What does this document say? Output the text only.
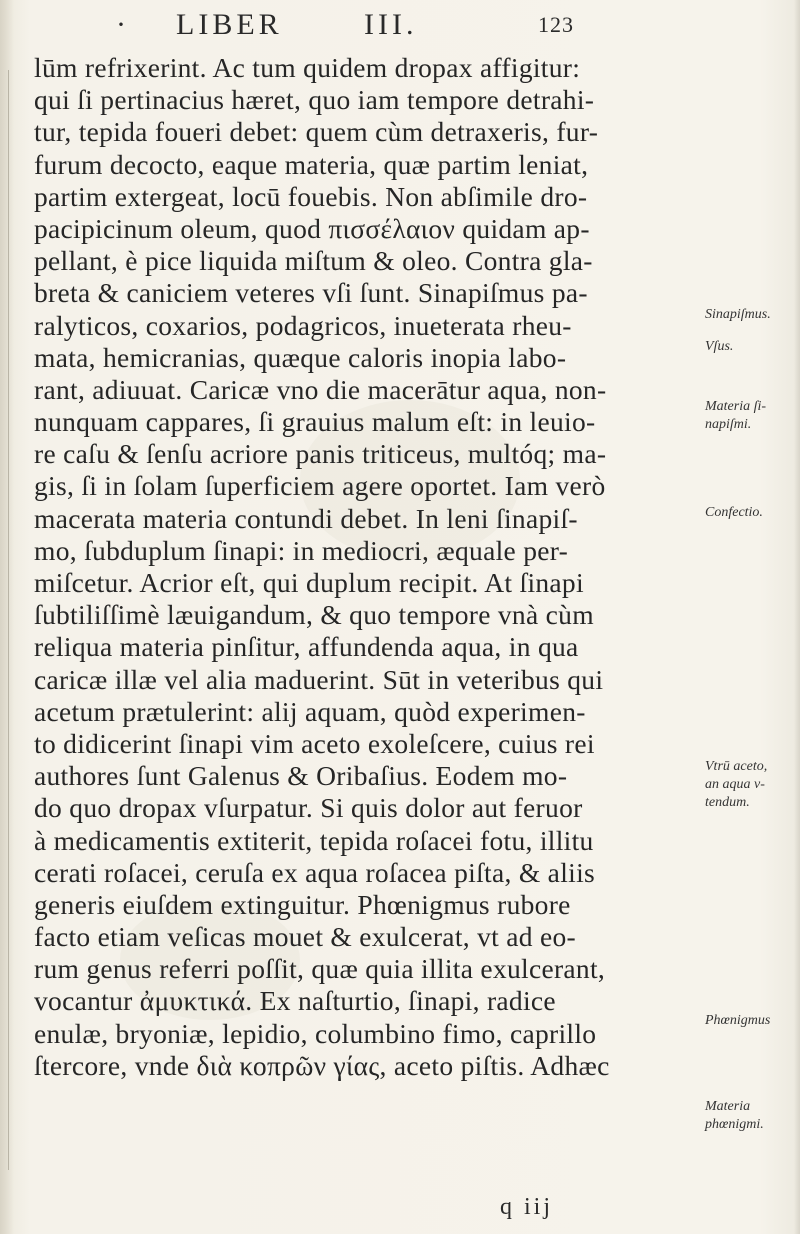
· LIBER	III.	123
lūm refrixerint. Ac tum quidem dropax affigitur:
qui ſi pertinacius hæret, quo iam tempore detrahi-
tur, tepida foueri debet: quem cùm detraxeris, fur-
furum decocto, eaque materia, quæ partim leniat,
partim extergeat, locū fouebis. Non abſimile dro-
pacipicinum oleum, quod πισσέλαιον quidam ap-
pellant, è pice liquida miſtum & oleo. Contra gla-
breta & caniciem veteres vſi ſunt. Sinapiſmus pa-
ralyticos, coxarios, podagricos, inueterata rheu-
mata, hemicranias, quæque caloris inopia labo-
rant, adiuuat. Caricæ vno die macerātur aqua, non-
nunquam cappares, ſi grauius malum eſt: in leuio-
re caſu & ſenſu acriore panis triticeus, multóq; ma-
gis, ſi in ſolam ſuperficiem agere oportet. Iam verò
macerata materia contundi debet. In leni ſinapiſ-
mo, ſubduplum ſinapi: in mediocri, æquale per-
miſcetur. Acrior eſt, qui duplum recipit. At ſinapi
ſubtiliſſimè læuigandum, & quo tempore vnà cùm
reliqua materia pinſitur, affundenda aqua, in qua
caricæ illæ vel alia maduerint. Sūt in veteribus qui
acetum prætulerint: alij aquam, quòd experimen-
to didicerint ſinapi vim aceto exoleſcere, cuius rei
authores ſunt Galenus & Oribaſius. Eodem mo-
do quo dropax vſurpatur. Si quis dolor aut feruor
à medicamentis extiterit, tepida roſacei fotu, illitu
cerati roſacei, ceruſa ex aqua roſacea piſta, & aliis
generis eiuſdem extinguitur. Phœnigmus rubore
facto etiam veſicas mouet & exulcerat, vt ad eo-
rum genus referri poſſit, quæ quia illita exulcerant,
vocantur ἀμυκτικά. Ex naſturtio, ſinapi, radice
enulæ, bryoniæ, lepidio, columbino fimo, caprillo
ſtercore, vnde διὰ κοπρῶν γίας, aceto piſtis. Adhæc
Sinapiſmus.
Vſus.
Materia ſi-
napiſmi.
Confectio.
Vtrū aceto,
an aqua v-
tendum.
Phœnigmus
Materia
phœnigmi.
q iij
